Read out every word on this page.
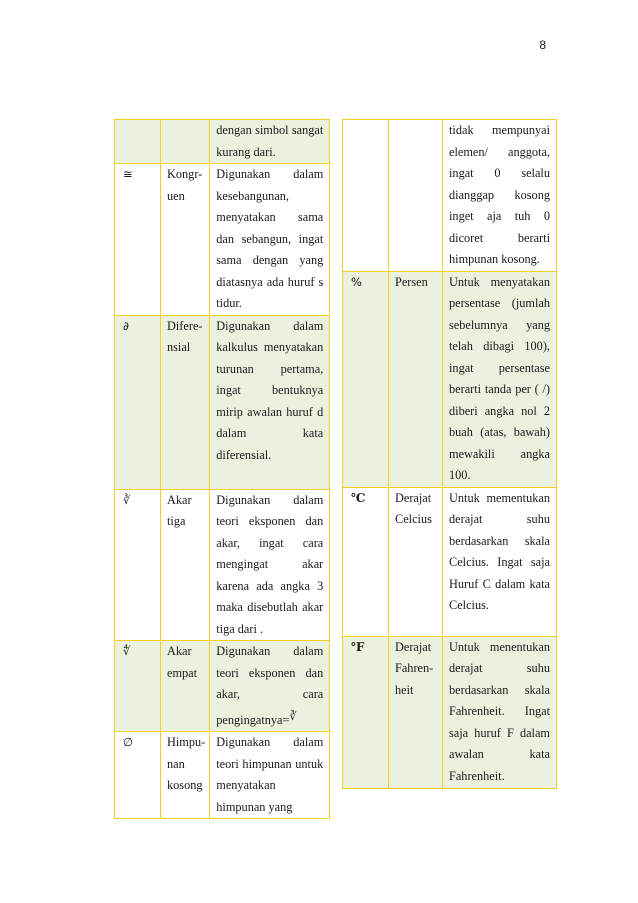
8
		dengan simbol sangat kurang dari.
≅	Kongr-uen	Digunakan dalam kesebangunan, menyatakan sama dan sebangun, ingat sama dengan yang diatasnya ada huruf s tidur.
∂	Difere-nsial	Digunakan dalam kalkulus menyatakan turunan pertama, ingat bentuknya mirip awalan huruf d dalam kata diferensial.
∛	Akar tiga	Digunakan dalam teori eksponen dan akar, ingat cara mengingat akar karena ada angka 3 maka disebutlah akar tiga dari .
∜	Akar empat	Digunakan dalam teori eksponen dan akar, cara pengingatnya=∛
∅	Himpu-nan kosong	Digunakan dalam teori himpunan untuk menyatakan himpunan yang
		tidak mempunyai elemen/ anggota, ingat 0 selalu dianggap kosong inget aja tuh 0 dicoret berarti himpunan kosong.
%	Persen	Untuk menyatakan persentase (jumlah sebelumnya yang telah dibagi 100), ingat persentase berarti tanda per ( /) diberi angka nol 2 buah (atas, bawah) mewakili angka 100.
℃	Derajat Celcius	Untuk mementukan derajat suhu berdasarkan skala Celcius. Ingat saja Huruf C dalam kata Celcius.
℉	Derajat Fahren-heit	Untuk menentukan derajat suhu berdasarkan skala Fahrenheit. Ingat saja huruf F dalam awalan kata Fahrenheit.
